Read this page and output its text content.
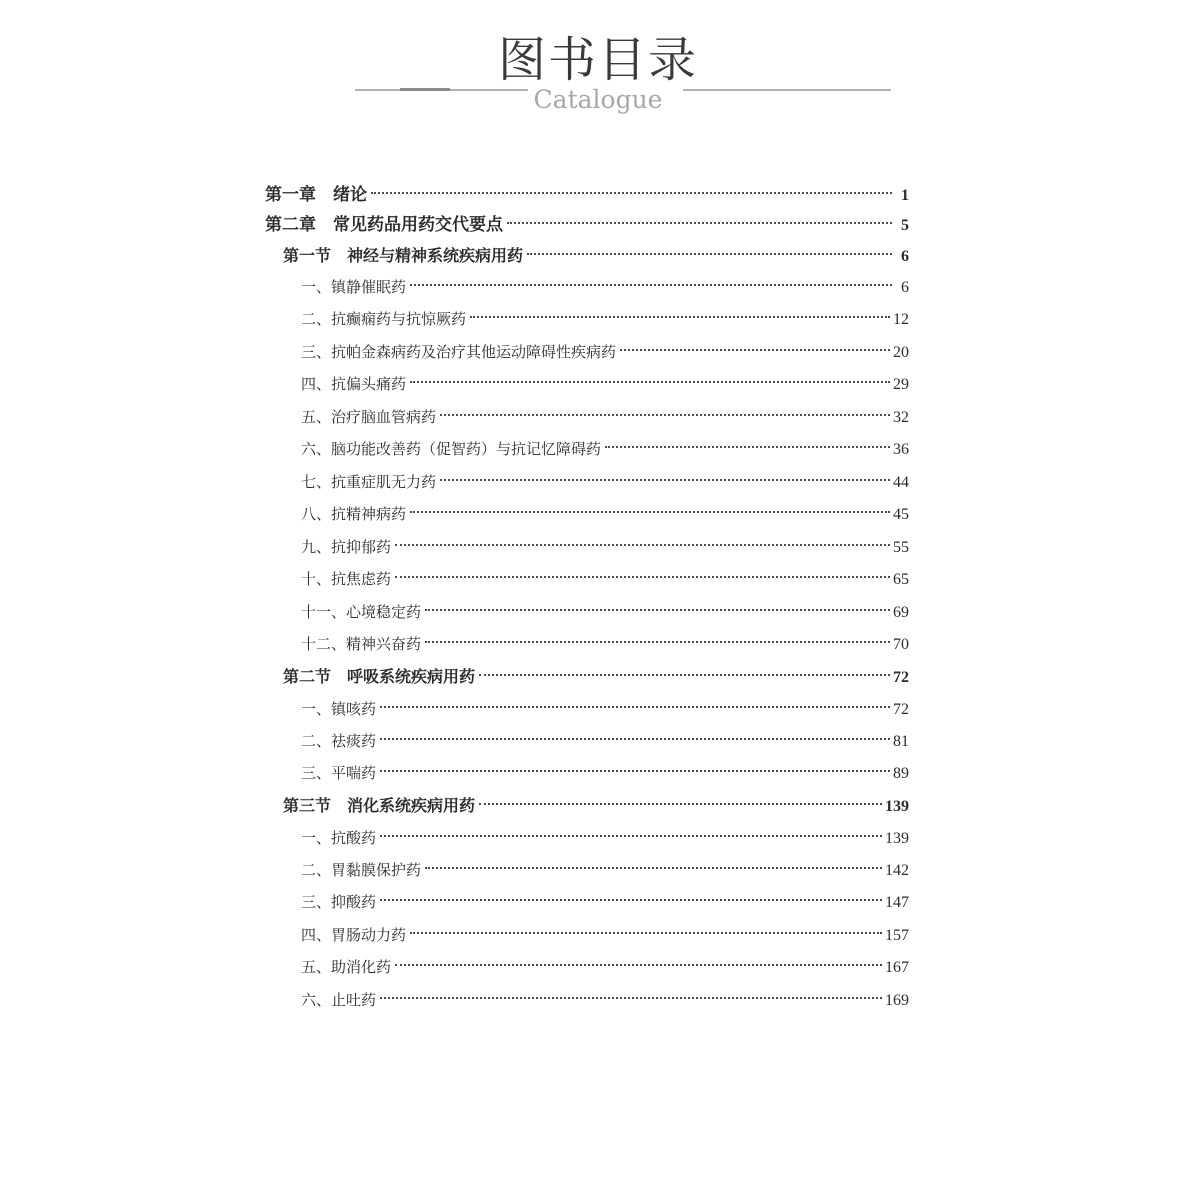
图书目录
Catalogue
第一章　绪论	1
第二章　常见药品用药交代要点	5
第一节　神经与精神系统疾病用药	6
一、镇静催眠药	6
二、抗癫痫药与抗惊厥药	12
三、抗帕金森病药及治疗其他运动障碍性疾病药	20
四、抗偏头痛药	29
五、治疗脑血管病药	32
六、脑功能改善药（促智药）与抗记忆障碍药	36
七、抗重症肌无力药	44
八、抗精神病药	45
九、抗抑郁药	55
十、抗焦虑药	65
十一、心境稳定药	69
十二、精神兴奋药	70
第二节　呼吸系统疾病用药	72
一、镇咳药	72
二、祛痰药	81
三、平喘药	89
第三节　消化系统疾病用药	139
一、抗酸药	139
二、胃黏膜保护药	142
三、抑酸药	147
四、胃肠动力药	157
五、助消化药	167
六、止吐药	169
